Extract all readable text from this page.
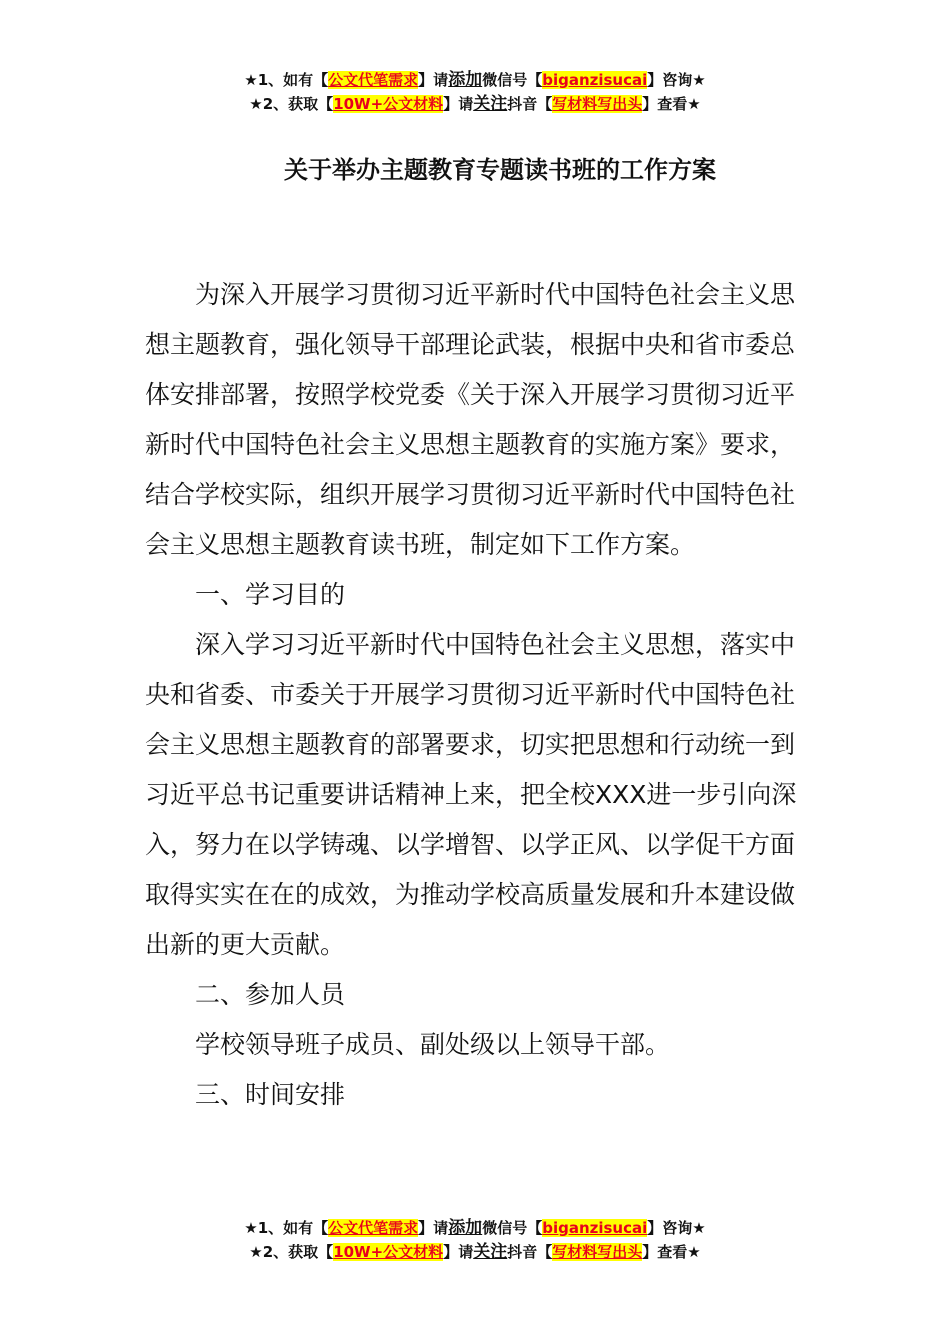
★1、如有【公文代笔需求】请添加微信号【biganzisucai】咨询★
★2、获取【10W+公文材料】请关注抖音【写材料写出头】查看★
关于举办主题教育专题读书班的工作方案

为深入开展学习贯彻习近平新时代中国特色社会主义思想主题教育，强化领导干部理论武装，根据中央和省市委总体安排部署，按照学校党委《关于深入开展学习贯彻习近平新时代中国特色社会主义思想主题教育的实施方案》要求，结合学校实际，组织开展学习贯彻习近平新时代中国特色社会主义思想主题教育读书班，制定如下工作方案。

一、学习目的

深入学习习近平新时代中国特色社会主义思想，落实中央和省委、市委关于开展学习贯彻习近平新时代中国特色社会主义思想主题教育的部署要求，切实把思想和行动统一到习近平总书记重要讲话精神上来，把全校XXX进一步引向深入，努力在以学铸魂、以学增智、以学正风、以学促干方面取得实实在在的成效，为推动学校高质量发展和升本建设做出新的更大贡献。

二、参加人员

学校领导班子成员、副处级以上领导干部。

三、时间安排

★1、如有【公文代笔需求】请添加微信号【biganzisucai】咨询★
★2、获取【10W+公文材料】请关注抖音【写材料写出头】查看★
